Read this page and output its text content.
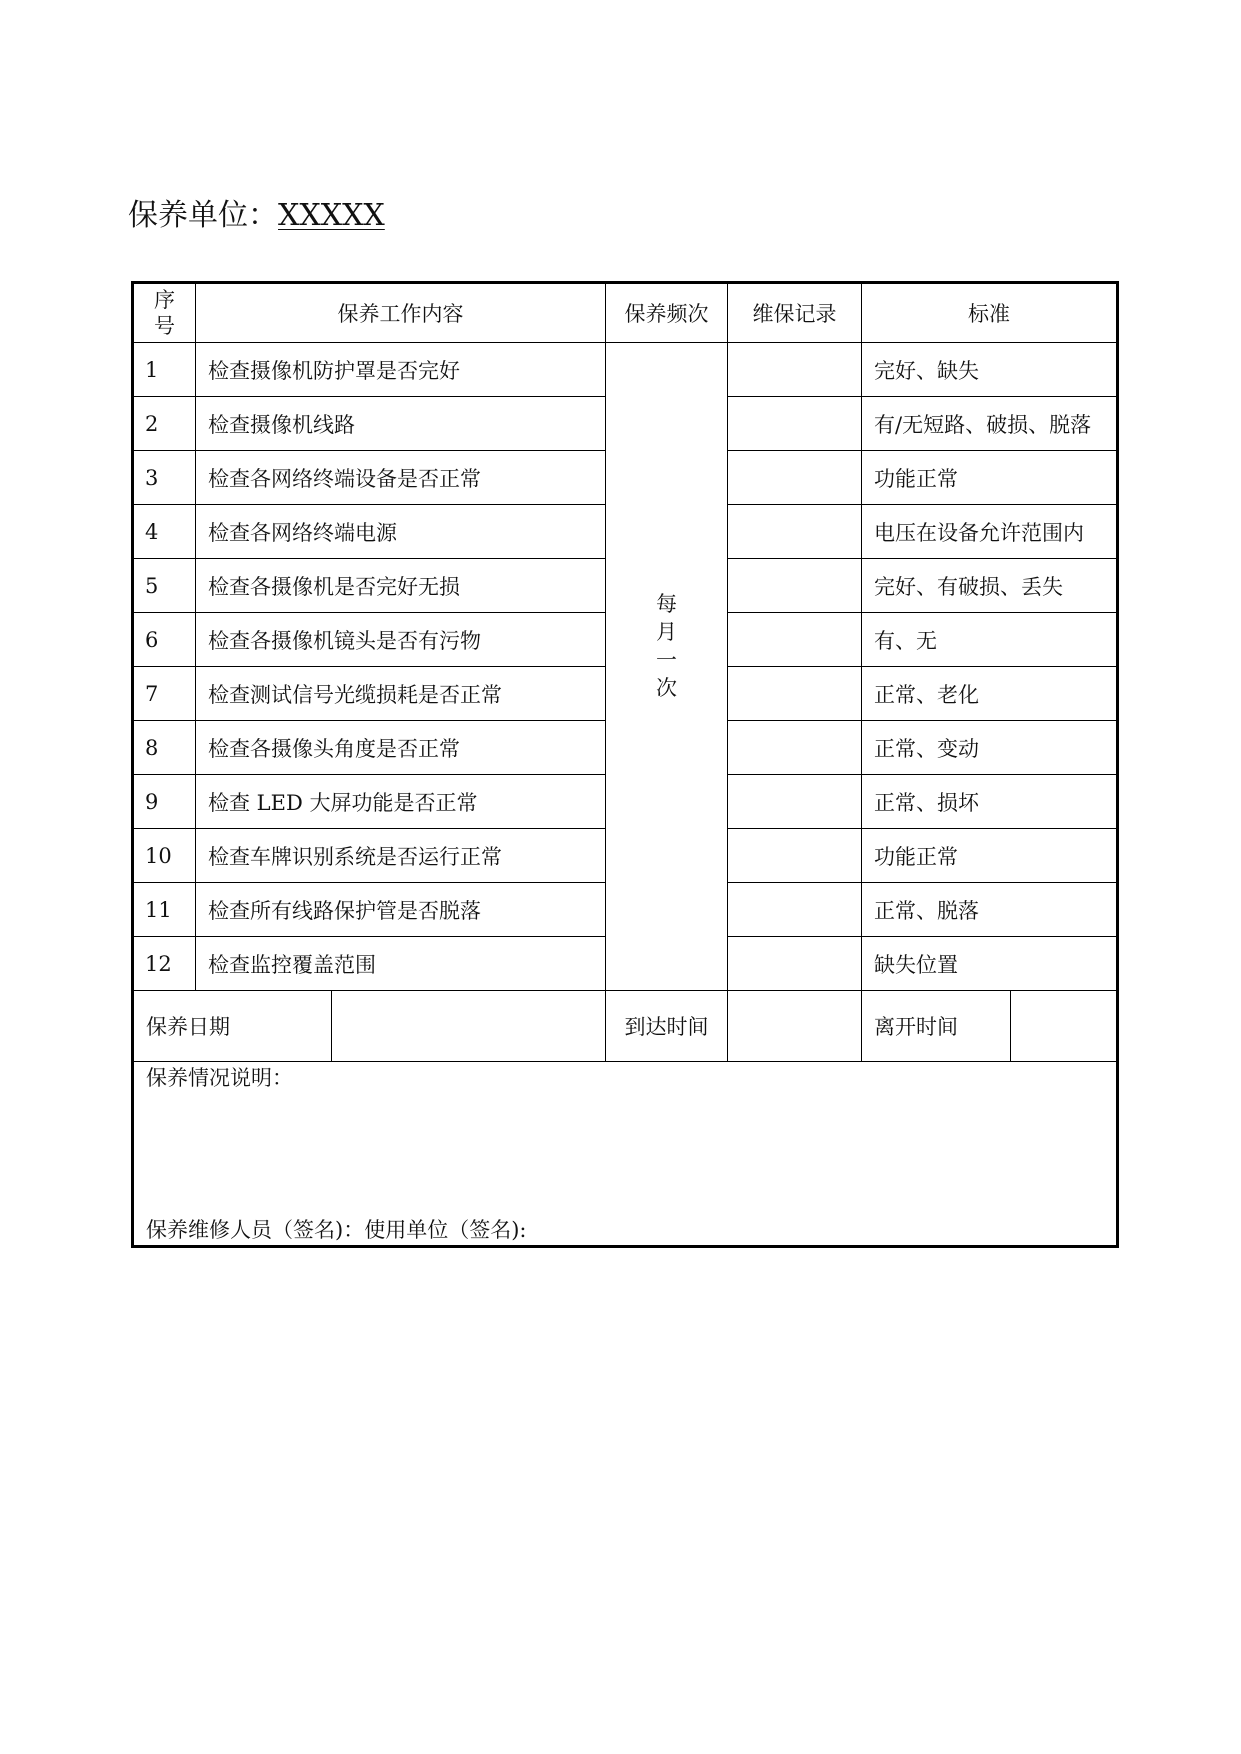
保养单位：XXXXX
序号	保养工作内容		保养频次	维保记录	标准	
1	检查摄像机防护罩是否完好		每月一次		完好、缺失	
2	检查摄像机线路				有/无短路、破损、脱落	
3	检查各网络终端设备是否正常				功能正常	
4	检查各网络终端电源				电压在设备允许范围内	
5	检查各摄像机是否完好无损				完好、有破损、丢失	
6	检查各摄像机镜头是否有污物				有、无	
7	检查测试信号光缆损耗是否正常				正常、老化	
8	检查各摄像头角度是否正常				正常、变动	
9	检查 LED 大屏功能是否正常				正常、损坏	
10	检查车牌识别系统是否运行正常				功能正常	
11	检查所有线路保护管是否脱落				正常、脱落	
12	检查监控覆盖范围				缺失位置	
保养日期			到达时间		离开时间	

保养情况说明：
保养维修人员（签名)：使用单位（签名):						
